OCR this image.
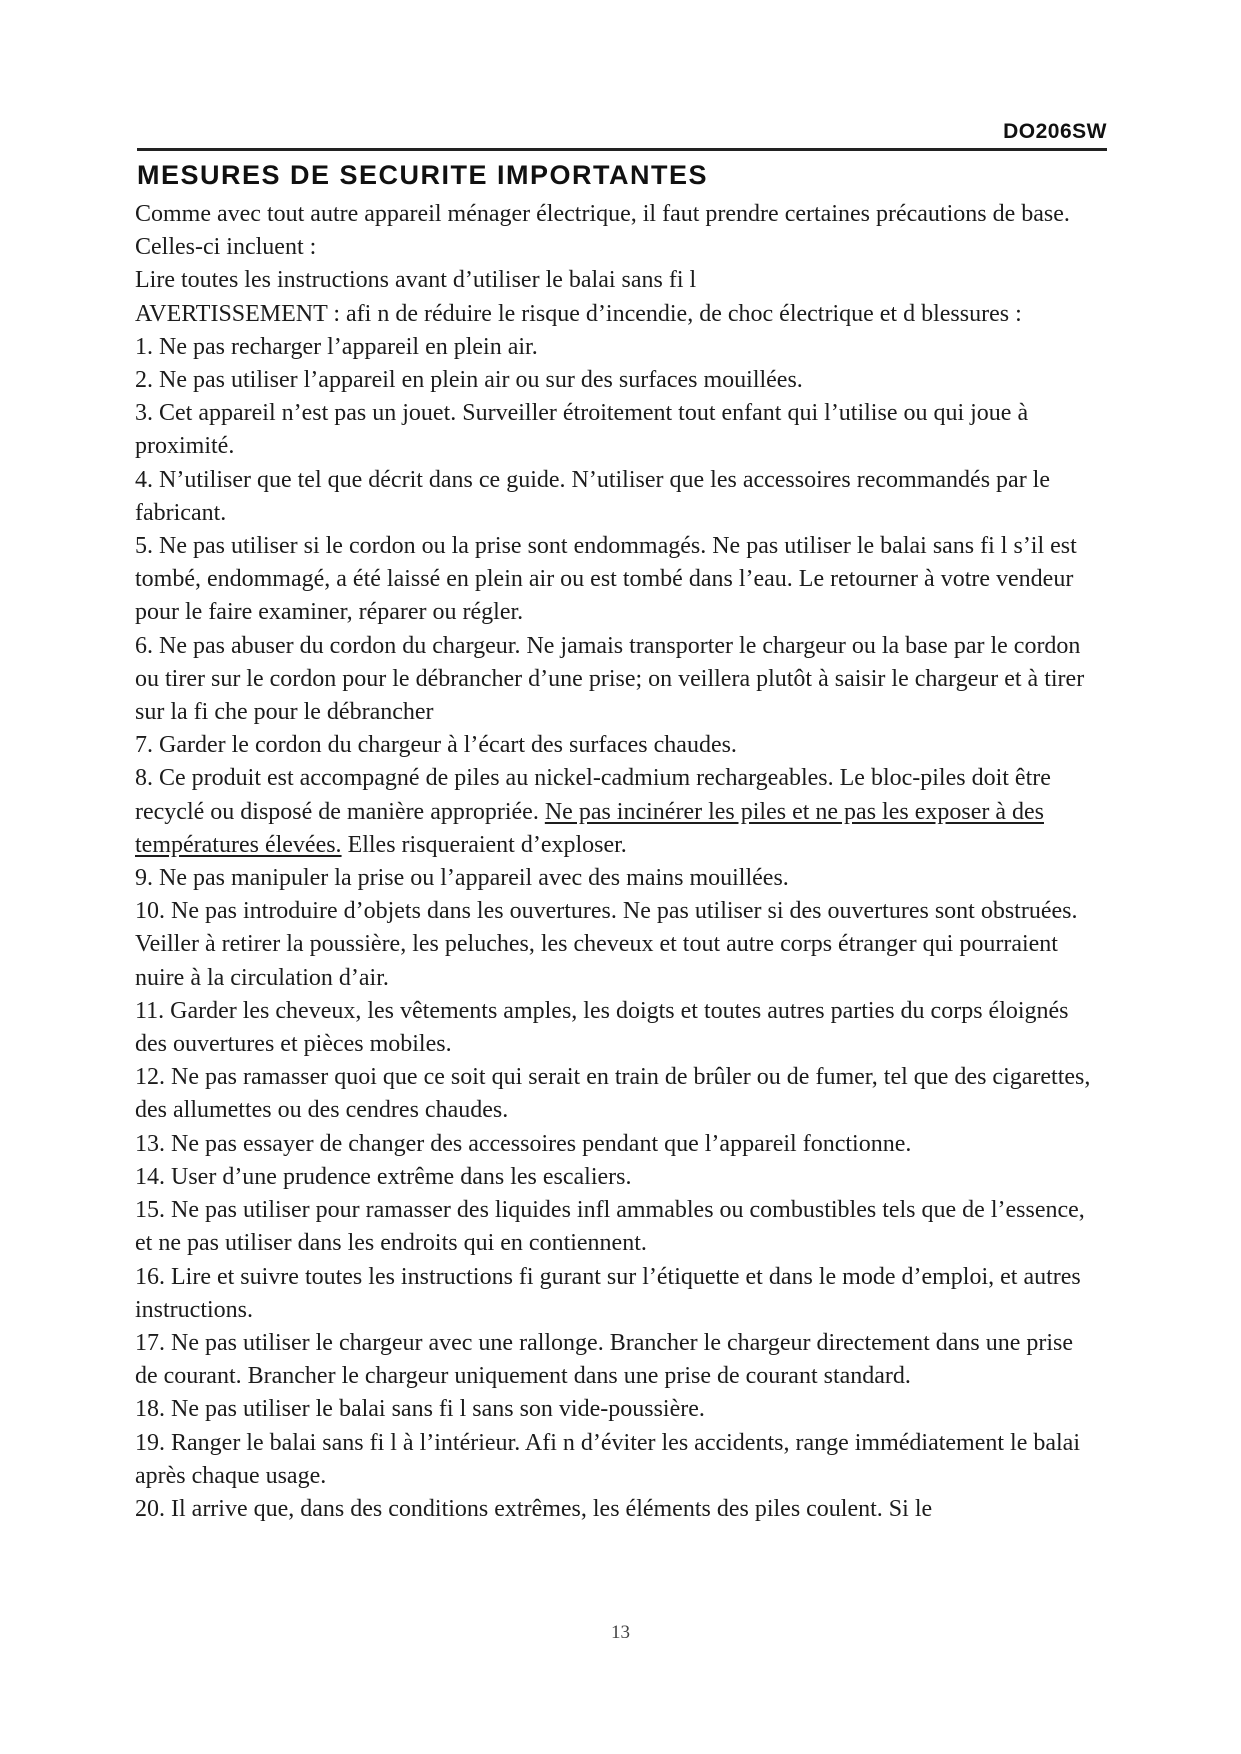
DO206SW
MESURES DE SECURITE IMPORTANTES

Comme avec tout autre appareil ménager électrique, il faut prendre certaines précautions de base. Celles-ci incluent :

Lire toutes les instructions avant d’utiliser le balai sans fi l

AVERTISSEMENT : afi n de réduire le risque d’incendie, de choc électrique et d blessures :

1. Ne pas recharger l’appareil en plein air.

2. Ne pas utiliser l’appareil en plein air ou sur des surfaces mouillées.

3. Cet appareil n’est pas un jouet. Surveiller étroitement tout enfant qui l’utilise ou qui joue à proximité.

4. N’utiliser que tel que décrit dans ce guide. N’utiliser que les accessoires recommandés par le fabricant.

5. Ne pas utiliser si le cordon ou la prise sont endommagés. Ne pas utiliser le balai sans fi l s’il est tombé, endommagé, a été laissé en plein air ou est tombé dans l’eau. Le retourner à votre vendeur pour le faire examiner, réparer ou régler.

6. Ne pas abuser du cordon du chargeur. Ne jamais transporter le chargeur ou la base par le cordon ou tirer sur le cordon pour le débrancher d’une prise; on veillera plutôt à saisir le chargeur et à tirer sur la fi che pour le débrancher

7. Garder le cordon du chargeur à l’écart des surfaces chaudes.

8. Ce produit est accompagné de piles au nickel-cadmium rechargeables. Le bloc-piles doit être recyclé ou disposé de manière appropriée. Ne pas incinérer les piles et ne pas les exposer à des températures élevées. Elles risqueraient d’exploser.

9. Ne pas manipuler la prise ou l’appareil avec des mains mouillées.

10. Ne pas introduire d’objets dans les ouvertures. Ne pas utiliser si des ouvertures sont obstruées. Veiller à retirer la poussière, les peluches, les cheveux et tout autre corps étranger qui pourraient nuire à la circulation d’air.

11. Garder les cheveux, les vêtements amples, les doigts et toutes autres parties du corps éloignés des ouvertures et pièces mobiles.

12. Ne pas ramasser quoi que ce soit qui serait en train de brûler ou de fumer, tel que des cigarettes, des allumettes ou des cendres chaudes.

13. Ne pas essayer de changer des accessoires pendant que l’appareil fonctionne.

14. User d’une prudence extrême dans les escaliers.

15. Ne pas utiliser pour ramasser des liquides infl ammables ou combustibles tels que de l’essence, et ne pas utiliser dans les endroits qui en contiennent.

16. Lire et suivre toutes les instructions fi gurant sur l’étiquette et dans le mode d’emploi, et autres instructions.

17. Ne pas utiliser le chargeur avec une rallonge. Brancher le chargeur directement dans une prise de courant. Brancher le chargeur uniquement dans une prise de courant standard.

18. Ne pas utiliser le balai sans fi l sans son vide-poussière.

19. Ranger le balai sans fi l à l’intérieur. Afi n d’éviter les accidents, range immédiatement le balai après chaque usage.

20. Il arrive que, dans des conditions extrêmes, les éléments des piles coulent. Si le

13
